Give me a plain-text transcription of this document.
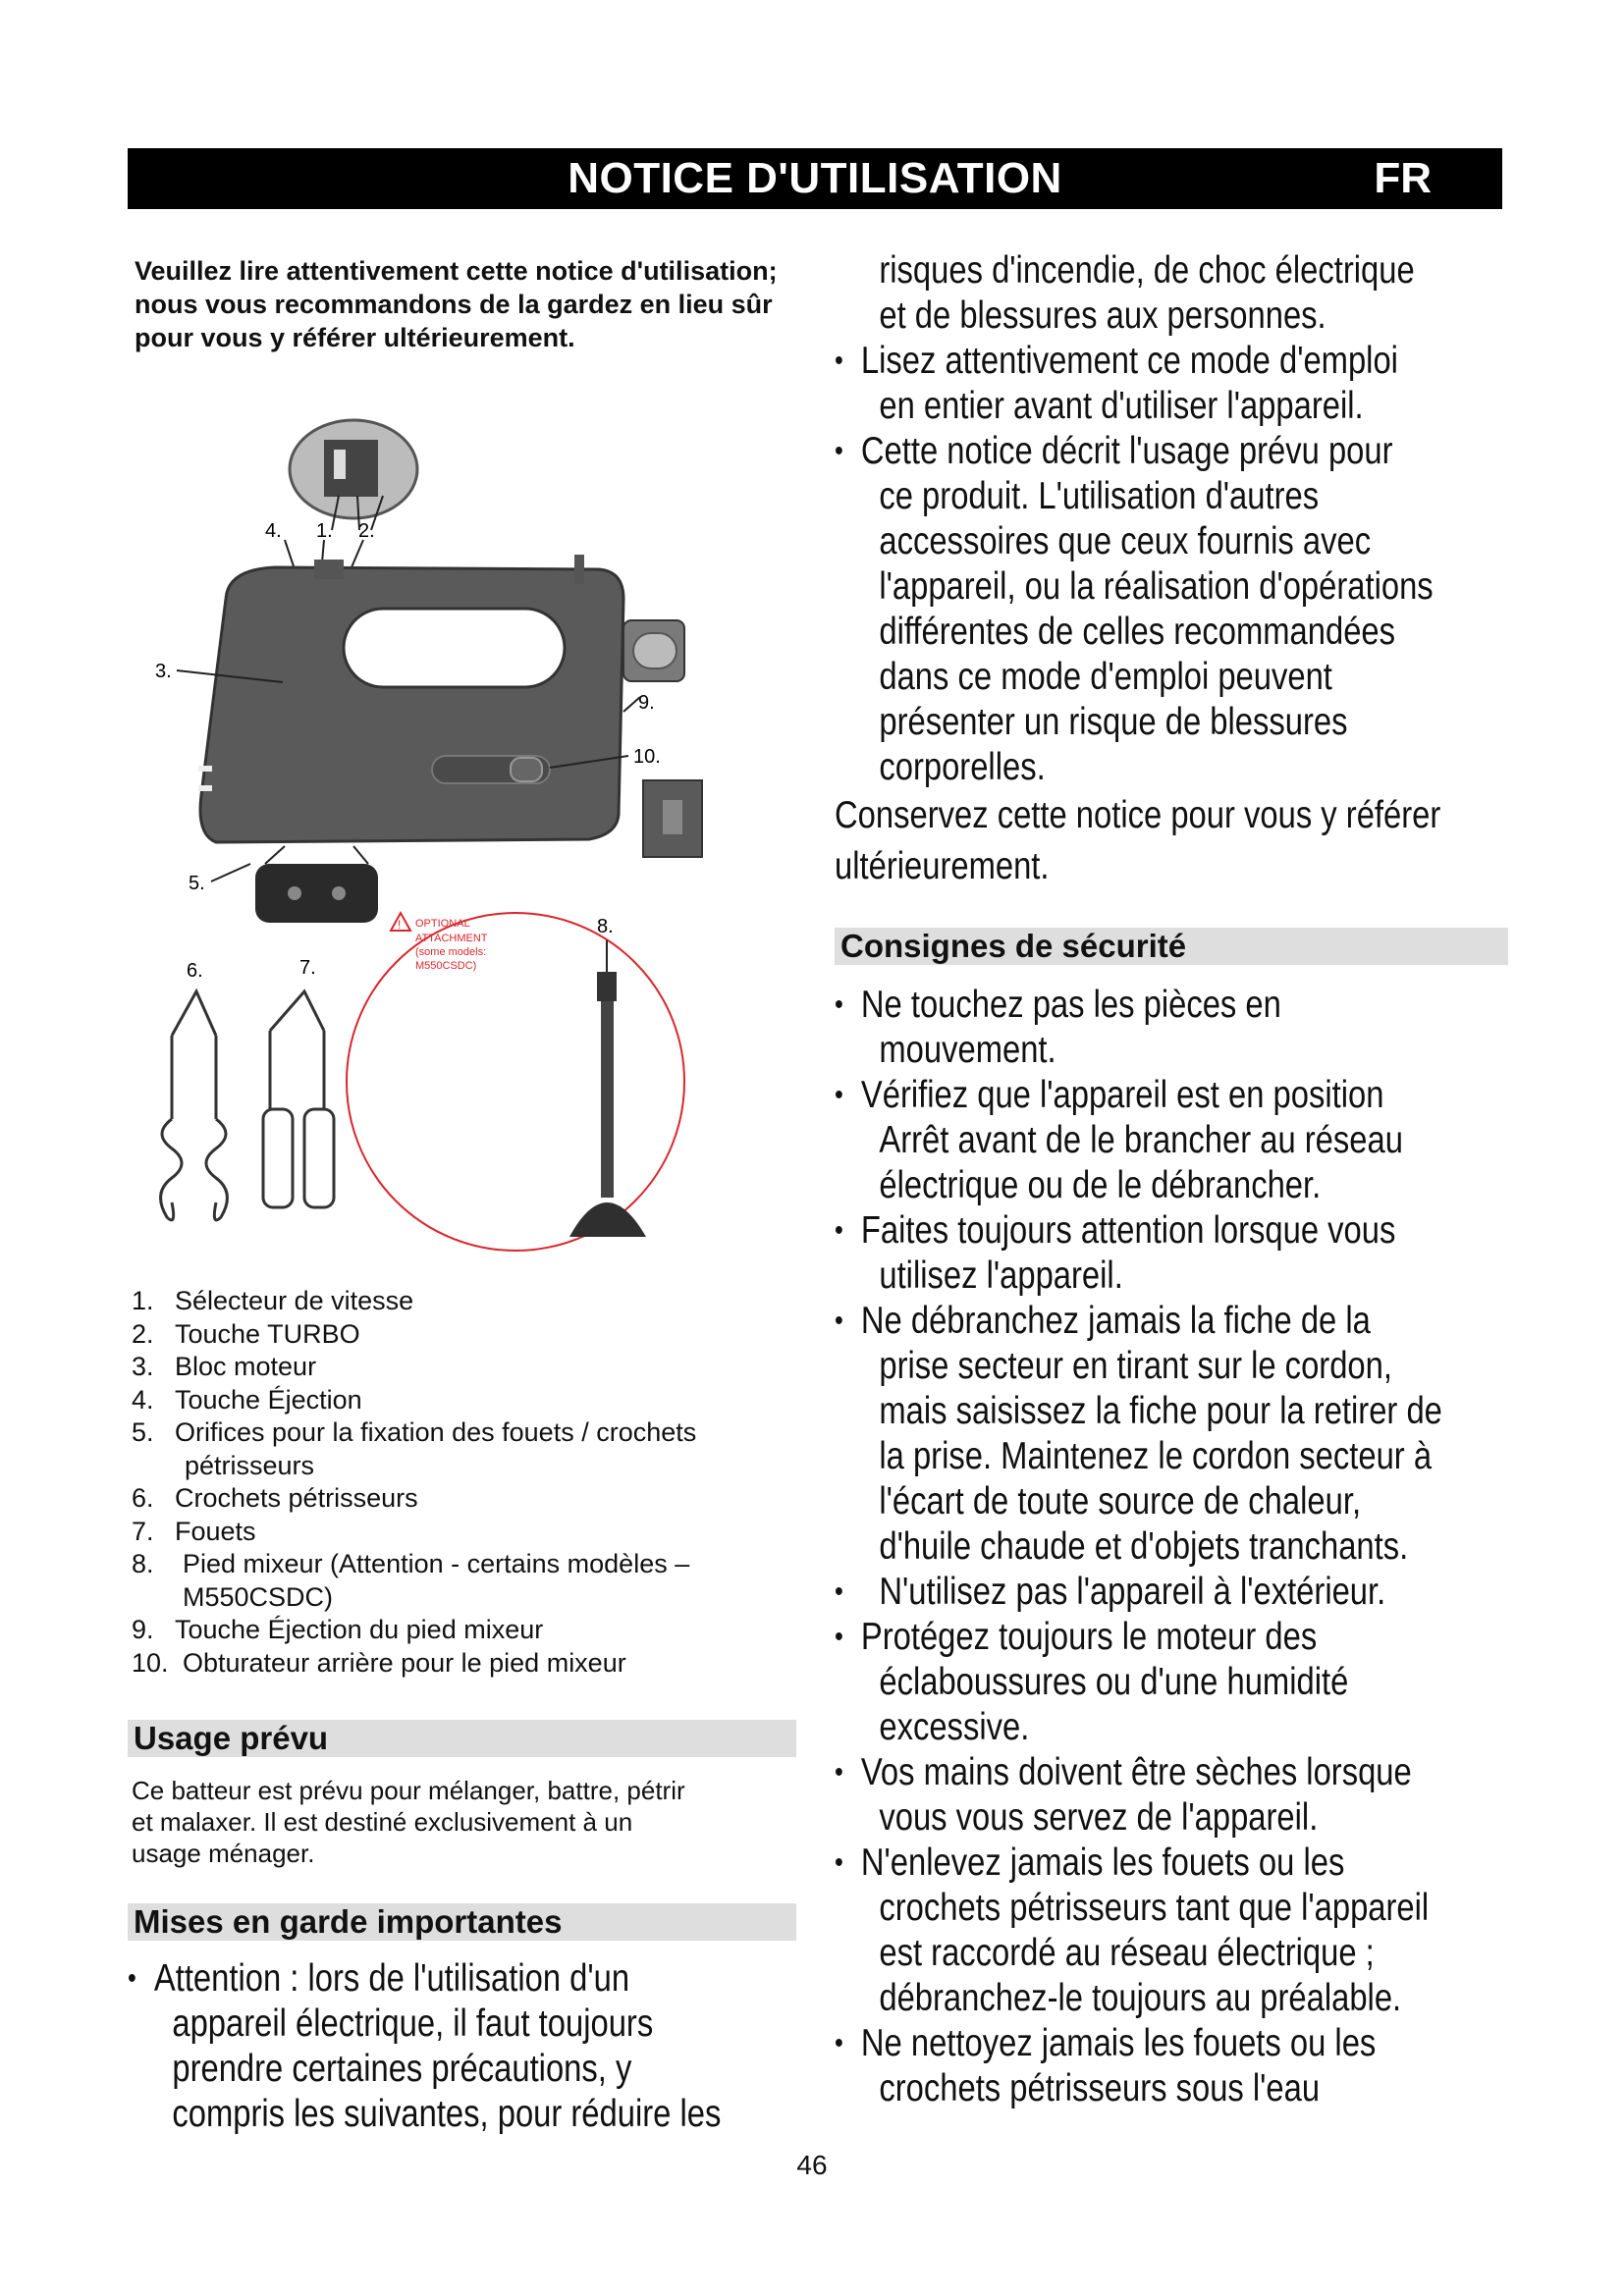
NOTICE D'UTILISATION	FR
Veuillez lire attentivement cette notice d'utilisation; nous vous recommandons de la gardez en lieu sûr pour vous y référer ultérieurement.
4. 1. 2.
3.
9.
10.
5.
6.	7.
! OPTIONAL
ATTACHMENT
(some models:
M550CSDC)
8.
1. Sélecteur de vitesse
2. Touche TURBO
3. Bloc moteur
4. Touche Éjection
5. Orifices pour la fixation des fouets / crochets
pétrisseurs
6. Crochets pétrisseurs
7. Fouets
8.	Pied mixeur (Attention - certains modèles –
M550CSDC)
9. Touche Éjection du pied mixeur
10. Obturateur arrière pour le pied mixeur
Usage prévu
Ce batteur est prévu pour mélanger, battre, pétrir
et malaxer. Il est destiné exclusivement à un
usage ménager.
Mises en garde importantes
• Attention : lors de l'utilisation d'un
appareil électrique, il faut toujours
prendre certaines précautions, y
compris les suivantes, pour réduire les
risques d'incendie, de choc électrique
et de blessures aux personnes.
• Lisez attentivement ce mode d'emploi
en entier avant d'utiliser l'appareil.
• Cette notice décrit l'usage prévu pour
ce produit. L'utilisation d'autres
accessoires que ceux fournis avec
l'appareil, ou la réalisation d'opérations
différentes de celles recommandées
dans ce mode d'emploi peuvent
présenter un risque de blessures
corporelles.
Conservez cette notice pour vous y référer
ultérieurement.
Consignes de sécurité
• Ne touchez pas les pièces en
mouvement.
• Vérifiez que l'appareil est en position
Arrêt avant de le brancher au réseau
électrique ou de le débrancher.
• Faites toujours attention lorsque vous
utilisez l'appareil.
• Ne débranchez jamais la fiche de la
prise secteur en tirant sur le cordon,
mais saisissez la fiche pour la retirer de
la prise. Maintenez le cordon secteur à
l'écart de toute source de chaleur,
d'huile chaude et d'objets tranchants.
• N'utilisez pas l'appareil à l'extérieur.
• Protégez toujours le moteur des
éclaboussures ou d'une humidité
excessive.
• Vos mains doivent être sèches lorsque
vous vous servez de l'appareil.
• N'enlevez jamais les fouets ou les
crochets pétrisseurs tant que l'appareil
est raccordé au réseau électrique ;
débranchez-le toujours au préalable.
• Ne nettoyez jamais les fouets ou les
crochets pétrisseurs sous l'eau
46
